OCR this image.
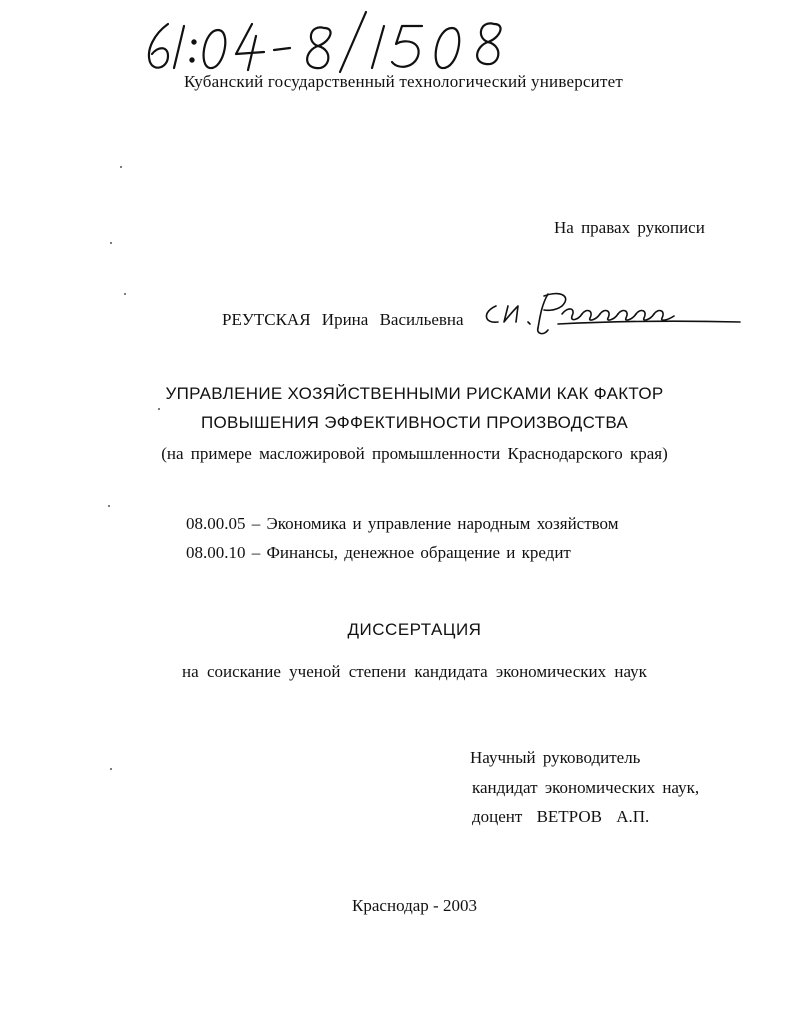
Кубанский государственный технологический университет
На правах рукописи
РЕУТСКАЯ Ирина Васильевна
УПРАВЛЕНИЕ ХОЗЯЙСТВЕННЫМИ РИСКАМИ КАК ФАКТОР
ПОВЫШЕНИЯ ЭФФЕКТИВНОСТИ ПРОИЗВОДСТВА
(на примере масложировой промышленности Краснодарского края)
08.00.05 – Экономика и управление народным хозяйством
08.00.10 – Финансы, денежное обращение и кредит
ДИССЕРТАЦИЯ
на соискание ученой степени кандидата экономических наук
Научный руководитель
кандидат экономических наук,
доцент ВЕТРОВ А.П.
Краснодар - 2003
